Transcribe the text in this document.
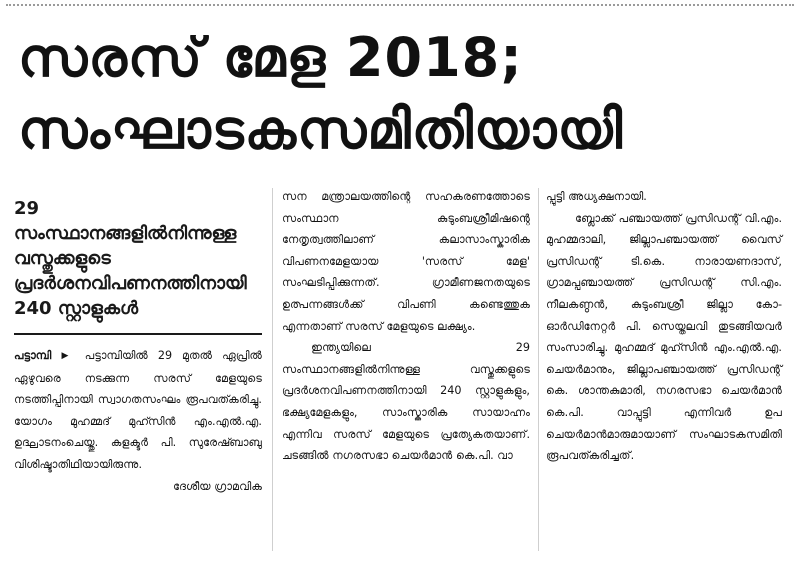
സരസ് മേള 2018;
സംഘാടകസമിതിയായി
29 സംസ്ഥാനങ്ങളിൽനിന്നുള്ള വസ്തുക്കളുടെ പ്രദർശനവിപണനത്തിനായി 240 സ്റ്റാളുകൾ

പട്ടാമ്പി ▶ പട്ടാമ്പിയിൽ 29 മുതൽ ഏപ്രിൽ ഏഴുവരെ നടക്കുന്ന സരസ് മേളയുടെ നടത്തിപ്പിനായി സ്വാഗതസംഘം രൂപവത്കരിച്ചു. യോഗം മുഹമ്മദ് മുഹ്സിൻ എം.എൽ.എ. ഉദ്ഘാടനംചെയ്തു. കളക്ടർ പി. സുരേഷ്ബാബു വിശിഷ്ടാതിഥിയായിരുന്നു.

ദേശീയ ഗ്രാമവിക

സന മന്ത്രാലയത്തിന്റെ സഹകരണത്തോടെ സംസ്ഥാന കുടുംബശ്രീമിഷന്റെ നേതൃത്വത്തിലാണ് കലാസാംസ്കാരിക വിപണനമേളയായ 'സരസ് മേള' സംഘടിപ്പിക്കുന്നത്. ഗ്രാമീണജനതയുടെ ഉത്പന്നങ്ങൾക്ക് വിപണി കണ്ടെത്തുക എന്നതാണ് സരസ് മേളയുടെ ലക്ഷ്യം.

ഇന്ത്യയിലെ 29 സംസ്ഥാനങ്ങളിൽനിന്നുള്ള വസ്തുക്കളുടെ പ്രദർശനവിപണനത്തിനായി 240 സ്റ്റാളുകളും, ഭക്ഷ്യമേളകളും, സാംസ്കാരിക സായാഹ്നം എന്നിവ സരസ് മേളയുടെ പ്രത്യേകതയാണ്. ചടങ്ങിൽ നഗരസഭാ ചെയർമാൻ കെ.പി. വാ

പ്പുട്ടി അധ്യക്ഷനായി.

ബ്ലോക്ക് പഞ്ചായത്ത് പ്രസിഡന്റ് വി.എം. മുഹമ്മദാലി, ജില്ലാപഞ്ചായത്ത് വൈസ് പ്രസിഡന്റ് ടി.കെ. നാരായണദാസ്, ഗ്രാമപ്പഞ്ചായത്ത് പ്രസിഡന്റ് സി.എം. നീലകണ്ഠൻ, കുടുംബശ്രീ ജില്ലാ കോ-ഓർഡിനേറ്റർ പി. സെയ്തലവി തുടങ്ങിയവർ സംസാരിച്ചു. മുഹമ്മദ് മുഹ്സിൻ എം.എൽ.എ. ചെയർമാനും, ജില്ലാപഞ്ചായത്ത് പ്രസിഡന്റ് കെ. ശാന്തകുമാരി, നഗരസഭാ ചെയർമാൻ കെ.പി. വാപ്പുട്ടി എന്നിവർ ഉപ ചെയർമാൻമാരുമായാണ് സംഘാടകസമിതി രൂപവത്കരിച്ചത്.
